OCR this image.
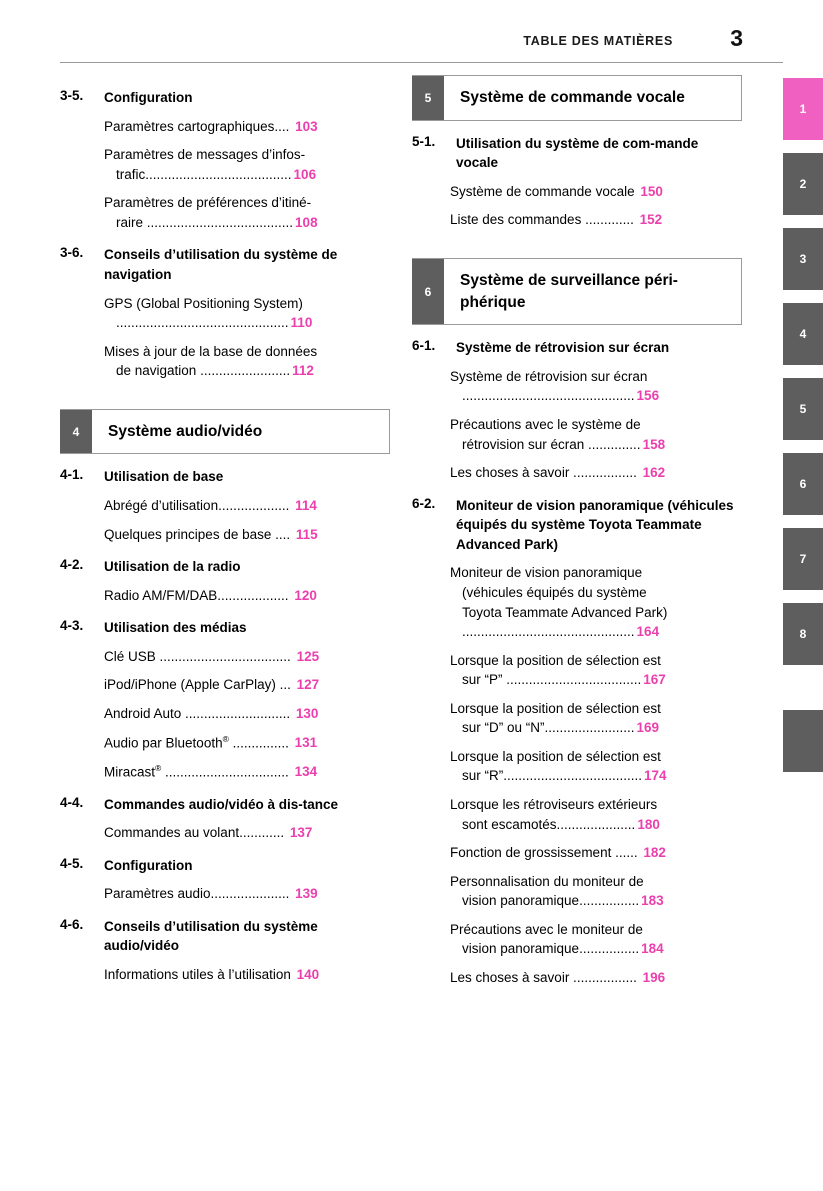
TABLE DES MATIÈRES 3
1
2
3
4
5
6
7
8
3-5.	Configuration
Paramètres cartographiques.... 103
Paramètres de messages d’infos-
trafic....................................... 106
Paramètres de préférences d’itiné-
raire ....................................... 108
3-6.	Conseils d’utilisation du système de navigation
GPS (Global Positioning System)
.............................................. 110
Mises à jour de la base de données
de navigation ........................ 112
4	Système audio/vidéo
4-1.	Utilisation de base
Abrégé d’utilisation................... 114
Quelques principes de base .... 115
4-2.	Utilisation de la radio
Radio AM/FM/DAB................... 120
4-3.	Utilisation des médias
Clé USB ................................... 125
iPod/iPhone (Apple CarPlay) ... 127
Android Auto ............................ 130
Audio par Bluetooth® ............... 131
Miracast® ................................. 134
4-4.	Commandes audio/vidéo à dis-tance
Commandes au volant............ 137
4-5.	Configuration
Paramètres audio..................... 139
4-6.	Conseils d’utilisation du système audio/vidéo
Informations utiles à l’utilisation 140
5	Système de commande vocale
5-1.	Utilisation du système de com-mande vocale
Système de commande vocale 150
Liste des commandes ............. 152
6
Système de surveillance péri-phérique
6-1.	Système de rétrovision sur écran
Système de rétrovision sur écran
.............................................. 156
Précautions avec le système de
rétrovision sur écran .............. 158
Les choses à savoir ................. 162
6-2.	Moniteur de vision panoramique (véhicules équipés du système Toyota Teammate Advanced Park)
Moniteur de vision panoramique
(véhicules équipés du système
Toyota Teammate Advanced Park)
.............................................. 164
Lorsque la position de sélection est
sur “P” .................................... 167
Lorsque la position de sélection est
sur “D” ou “N”........................ 169
Lorsque la position de sélection est
sur “R”..................................... 174
Lorsque les rétroviseurs extérieurs
sont escamotés..................... 180
Fonction de grossissement ...... 182
Personnalisation du moniteur de
vision panoramique................ 183
Précautions avec le moniteur de
vision panoramique................ 184
Les choses à savoir ................. 196
